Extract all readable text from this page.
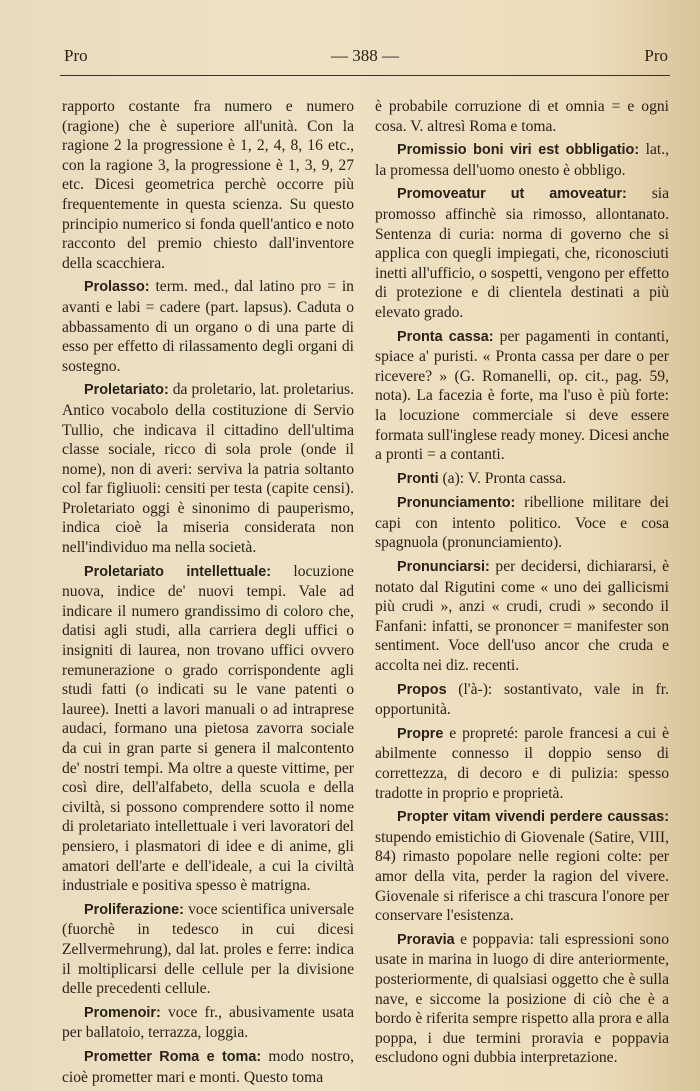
Pro	— 388 —	Pro

rapporto costante fra numero e numero (ragione) che è superiore all'unità. Con la ragione 2 la progressione è 1, 2, 4, 8, 16 etc., con la ragione 3, la progressione è 1, 3, 9, 27 etc. Dicesi geometrica perchè occorre più frequentemente in questa scienza. Su questo principio numerico si fonda quell'antico e noto racconto del premio chiesto dall'inventore della scacchiera.

Prolasso: term. med., dal latino pro = in avanti e labi = cadere (part. lapsus). Caduta o abbassamento di un organo o di una parte di esso per effetto di rilassamento degli organi di sostegno.

Proletariato: da proletario, lat. proletarius. Antico vocabolo della costituzione di Servio Tullio, che indicava il cittadino dell'ultima classe sociale, ricco di sola prole (onde il nome), non di averi: serviva la patria soltanto col far figliuoli: censiti per testa (capite censi). Proletariato oggi è sinonimo di pauperismo, indica cioè la miseria considerata non nell'individuo ma nella società.

Proletariato intellettuale: locuzione nuova, indice de' nuovi tempi. Vale ad indicare il numero grandissimo di coloro che, datisi agli studi, alla carriera degli uffici o insigniti di laurea, non trovano uffici ovvero remunerazione o grado corrispondente agli studi fatti (o indicati su le vane patenti o lauree). Inetti a lavori manuali o ad intraprese audaci, formano una pietosa zavorra sociale da cui in gran parte si genera il malcontento de' nostri tempi. Ma oltre a queste vittime, per così dire, dell'alfabeto, della scuola e della civiltà, si possono comprendere sotto il nome di proletariato intellettuale i veri lavoratori del pensiero, i plasmatori di idee e di anime, gli amatori dell'arte e dell'ideale, a cui la civiltà industriale e positiva spesso è matrigna.

Proliferazione: voce scientifica universale (fuorchè in tedesco in cui dicesi Zellvermehrung), dal lat. proles e ferre: indica il moltiplicarsi delle cellule per la divisione delle precedenti cellule.

Promenoir: voce fr., abusivamente usata per ballatoio, terrazza, loggia.

Prometter Roma e toma: modo nostro, cioè prometter mari e monti. Questo toma

è probabile corruzione di et omnia = e ogni cosa. V. altresì Roma e toma.

Promissio boni viri est obbligatio: lat., la promessa dell'uomo onesto è obbligo.

Promoveatur ut amoveatur: sia promosso affinchè sia rimosso, allontanato. Sentenza di curia: norma di governo che si applica con quegli impiegati, che, riconosciuti inetti all'ufficio, o sospetti, vengono per effetto di protezione e di clientela destinati a più elevato grado.

Pronta cassa: per pagamenti in contanti, spiace a' puristi. « Pronta cassa per dare o per ricevere? » (G. Romanelli, op. cit., pag. 59, nota). La facezia è forte, ma l'uso è più forte: la locuzione commerciale si deve essere formata sull'inglese ready money. Dicesi anche a pronti = a contanti.

Pronti (a): V. Pronta cassa.

Pronunciamento: ribellione militare dei capi con intento politico. Voce e cosa spagnuola (pronunciamiento).

Pronunciarsi: per decidersi, dichiararsi, è notato dal Rigutini come « uno dei gallicismi più crudi », anzi « crudi, crudi » secondo il Fanfani: infatti, se prononcer = manifester son sentiment. Voce dell'uso ancor che cruda e accolta nei diz. recenti.

Propos (l'à-): sostantivato, vale in fr. opportunità.

Propre e propreté: parole francesi a cui è abilmente connesso il doppio senso di correttezza, di decoro e di pulizia: spesso tradotte in proprio e proprietà.

Propter vitam vivendi perdere caussas: stupendo emistichio di Giovenale (Satire, VIII, 84) rimasto popolare nelle regioni colte: per amor della vita, perder la ragion del vivere. Giovenale si riferisce a chi trascura l'onore per conservare l'esistenza.

Proravia e poppavia: tali espressioni sono usate in marina in luogo di dire anteriormente, posteriormente, di qualsiasi oggetto che è sulla nave, e siccome la posizione di ciò che è a bordo è riferita sempre rispetto alla prora e alla poppa, i due termini proravia e poppavia escludono ogni dubbia interpretazione.
